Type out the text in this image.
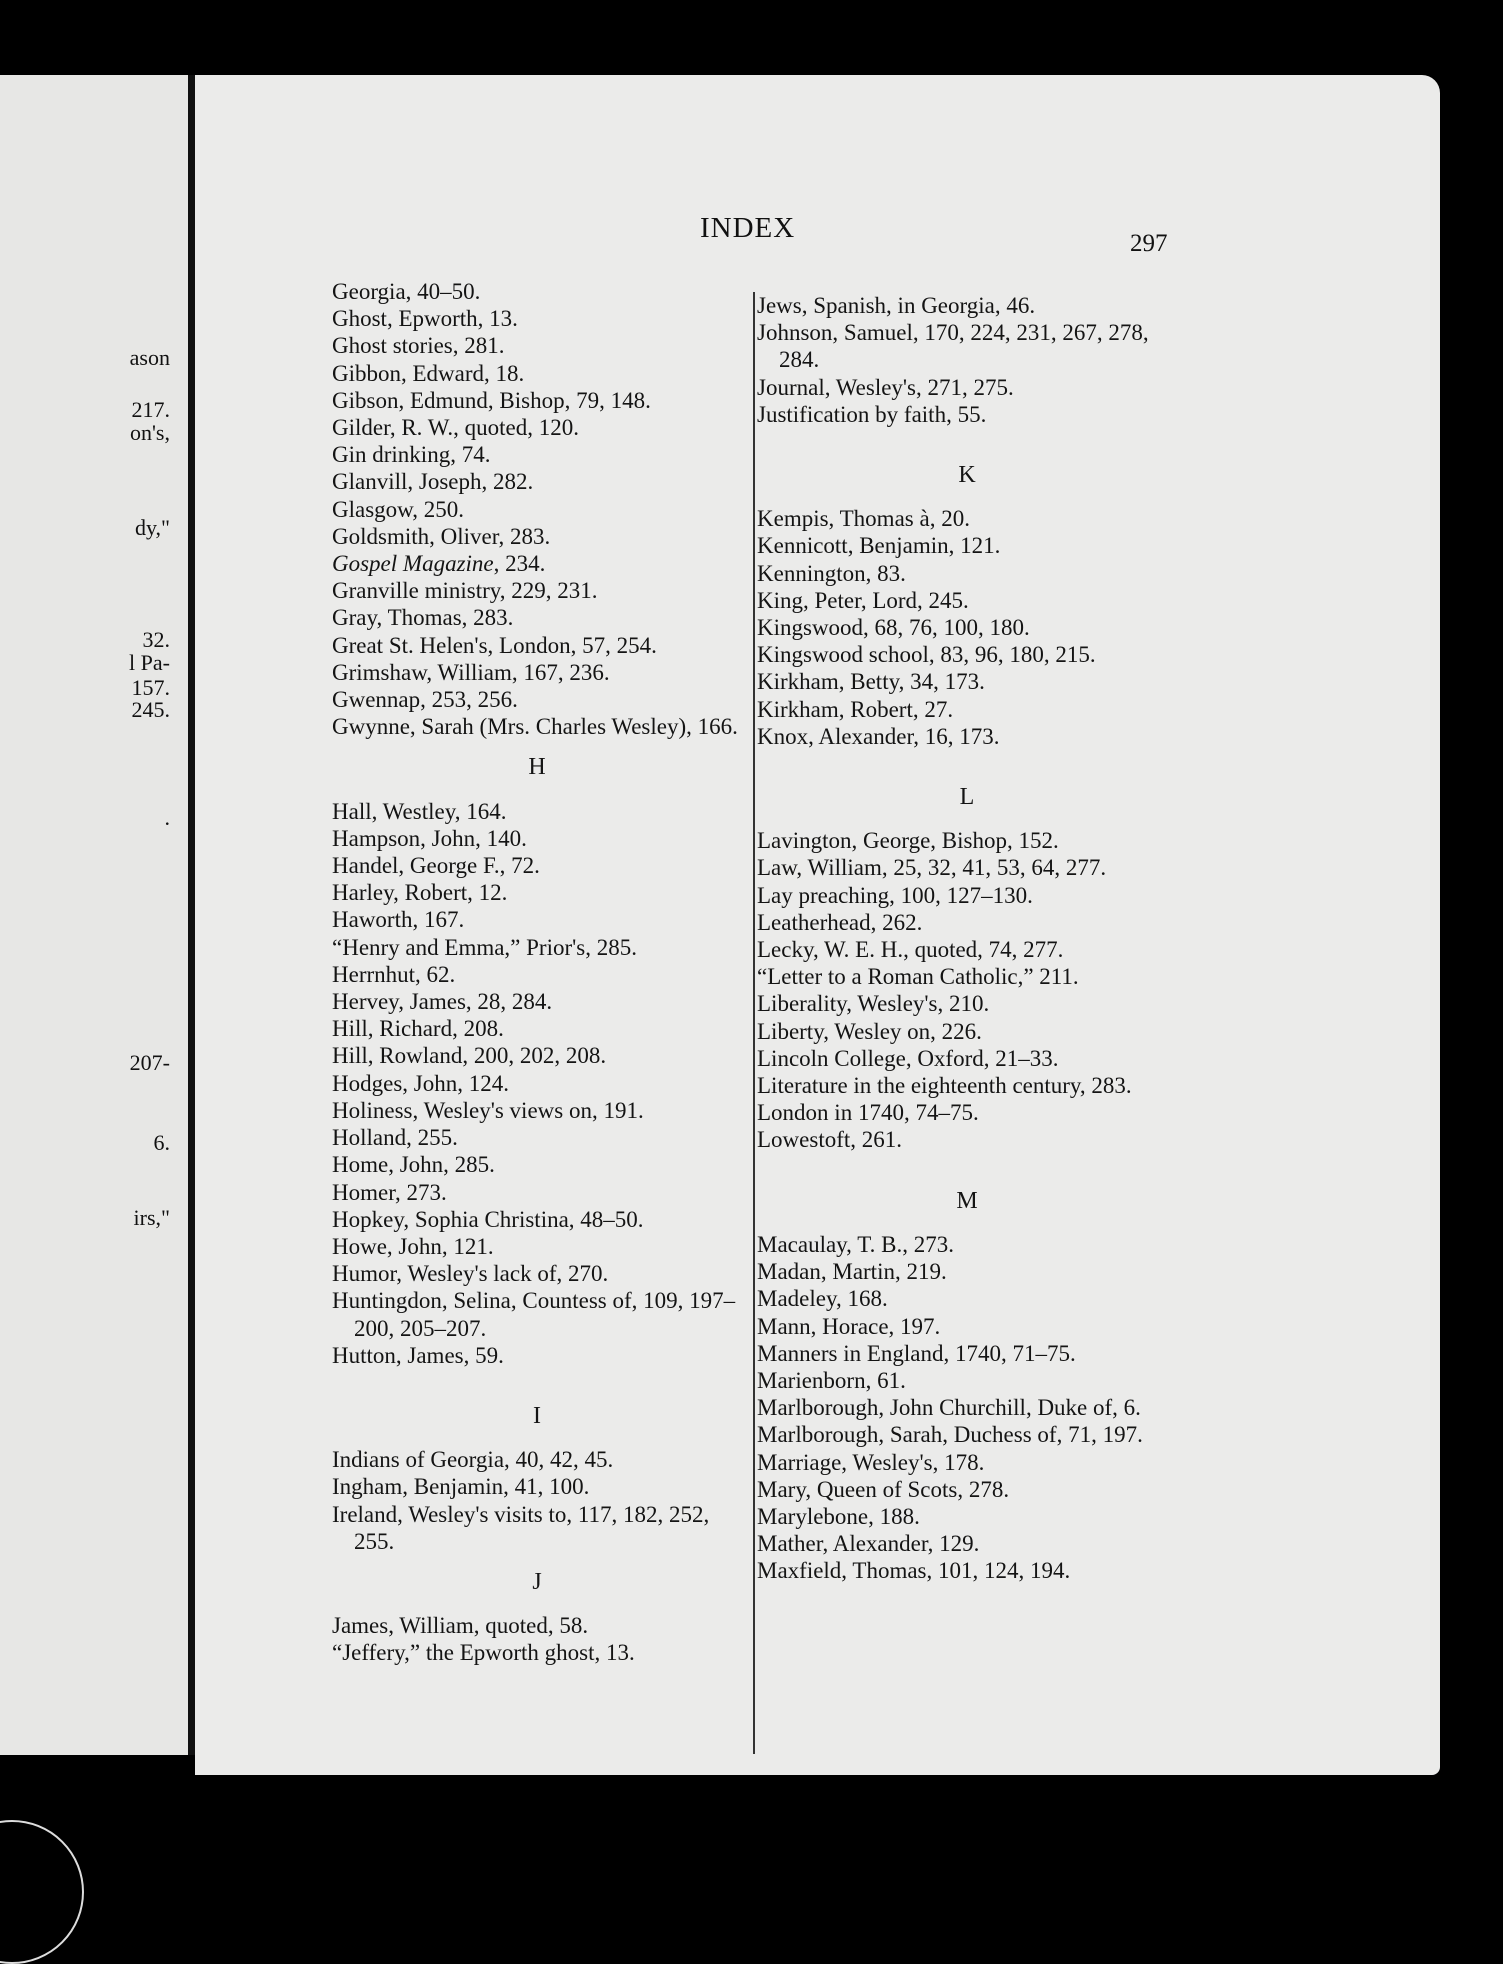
ason
217.
on's,
dy,"
32.
l Pa-
157.
245.
.
207-
6.
irs,"
INDEX	297
Georgia, 40–50.
Ghost, Epworth, 13.
Ghost stories, 281.
Gibbon, Edward, 18.
Gibson, Edmund, Bishop, 79, 148.
Gilder, R. W., quoted, 120.
Gin drinking, 74.
Glanvill, Joseph, 282.
Glasgow, 250.
Goldsmith, Oliver, 283.
Gospel Magazine, 234.
Granville ministry, 229, 231.
Gray, Thomas, 283.
Great St. Helen's, London, 57, 254.
Grimshaw, William, 167, 236.
Gwennap, 253, 256.
Gwynne, Sarah (Mrs. Charles Wesley), 166.
H
Hall, Westley, 164.
Hampson, John, 140.
Handel, George F., 72.
Harley, Robert, 12.
Haworth, 167.
“Henry and Emma,” Prior's, 285.
Herrnhut, 62.
Hervey, James, 28, 284.
Hill, Richard, 208.
Hill, Rowland, 200, 202, 208.
Hodges, John, 124.
Holiness, Wesley's views on, 191.
Holland, 255.
Home, John, 285.
Homer, 273.
Hopkey, Sophia Christina, 48–50.
Howe, John, 121.
Humor, Wesley's lack of, 270.
Huntingdon, Selina, Countess of, 109, 197–200, 205–207.
Hutton, James, 59.
I
Indians of Georgia, 40, 42, 45.
Ingham, Benjamin, 41, 100.
Ireland, Wesley's visits to, 117, 182, 252, 255.
J
James, William, quoted, 58.
“Jeffery,” the Epworth ghost, 13.
Jews, Spanish, in Georgia, 46.
Johnson, Samuel, 170, 224, 231, 267, 278, 284.
Journal, Wesley's, 271, 275.
Justification by faith, 55.
K
Kempis, Thomas à, 20.
Kennicott, Benjamin, 121.
Kennington, 83.
King, Peter, Lord, 245.
Kingswood, 68, 76, 100, 180.
Kingswood school, 83, 96, 180, 215.
Kirkham, Betty, 34, 173.
Kirkham, Robert, 27.
Knox, Alexander, 16, 173.
L
Lavington, George, Bishop, 152.
Law, William, 25, 32, 41, 53, 64, 277.
Lay preaching, 100, 127–130.
Leatherhead, 262.
Lecky, W. E. H., quoted, 74, 277.
“Letter to a Roman Catholic,” 211.
Liberality, Wesley's, 210.
Liberty, Wesley on, 226.
Lincoln College, Oxford, 21–33.
Literature in the eighteenth century, 283.
London in 1740, 74–75.
Lowestoft, 261.
M
Macaulay, T. B., 273.
Madan, Martin, 219.
Madeley, 168.
Mann, Horace, 197.
Manners in England, 1740, 71–75.
Marienborn, 61.
Marlborough, John Churchill, Duke of, 6.
Marlborough, Sarah, Duchess of, 71, 197.
Marriage, Wesley's, 178.
Mary, Queen of Scots, 278.
Marylebone, 188.
Mather, Alexander, 129.
Maxfield, Thomas, 101, 124, 194.
